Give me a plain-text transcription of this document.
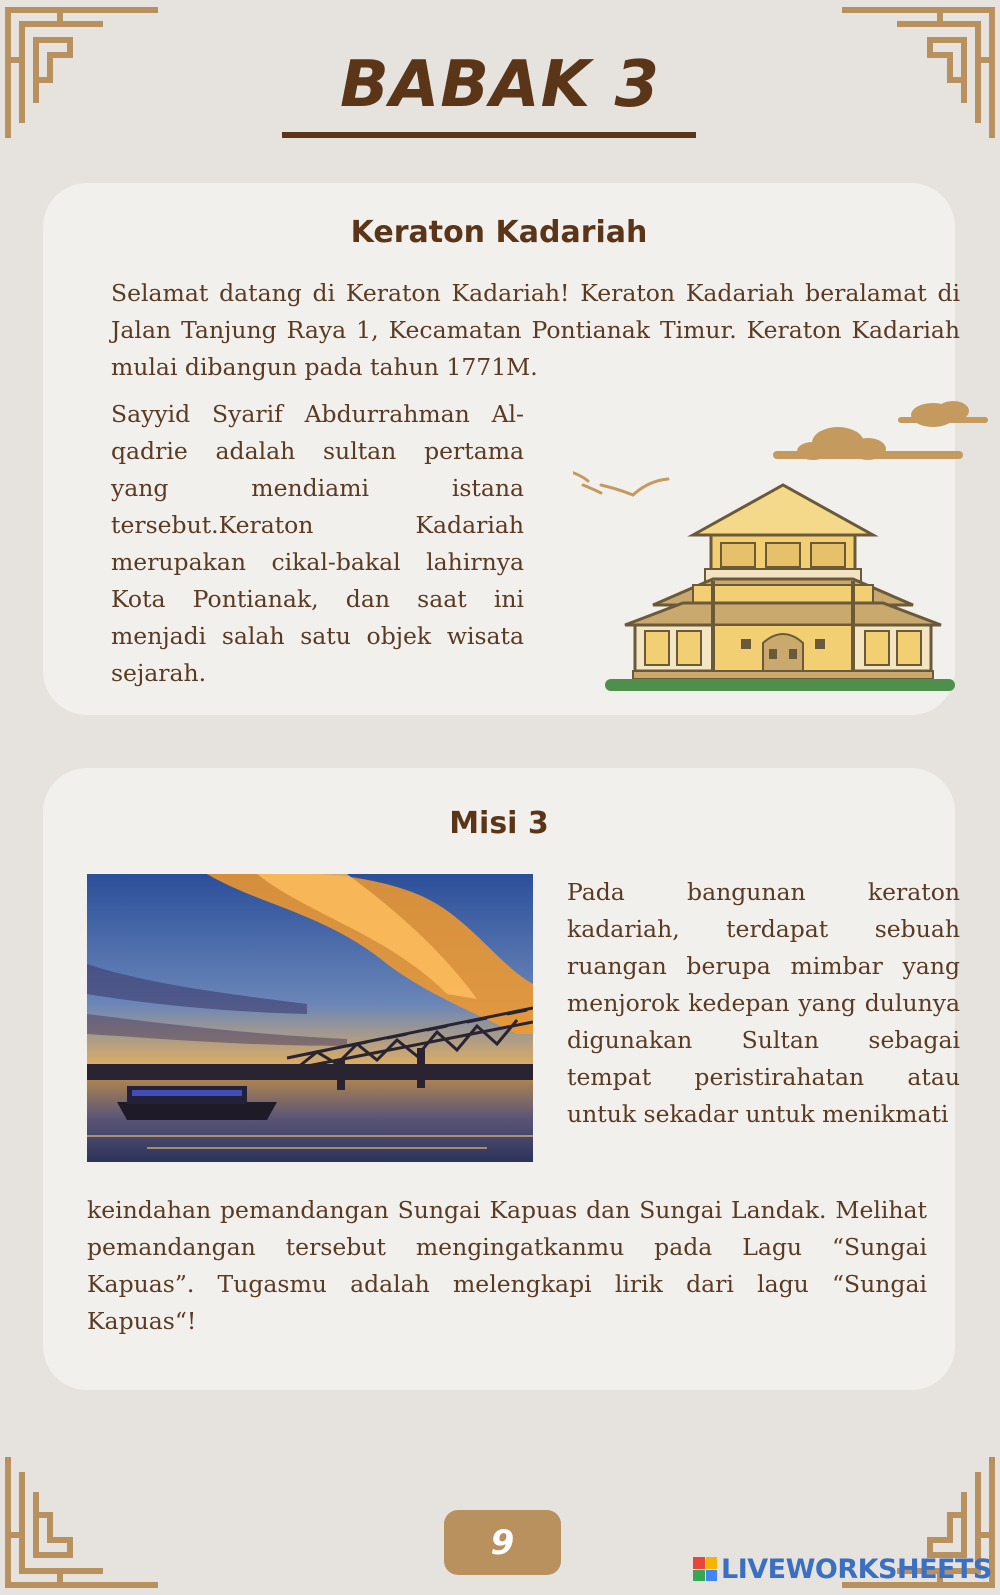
BABAK 3
Keraton Kadariah

Selamat datang di Keraton Kadariah! Keraton Kadariah beralamat di Jalan Tanjung Raya 1, Kecamatan Pontianak Timur. Keraton Kadariah mulai dibangun pada tahun 1771M.

Sayyid Syarif Abdurrahman Al-qadrie adalah sultan pertama yang mendiami istana tersebut.Keraton Kadariah merupakan cikal-bakal lahirnya Kota Pontianak, dan saat ini menjadi salah satu objek wisata sejarah.

Misi 3

Pada bangunan keraton kadariah, terdapat sebuah ruangan berupa mimbar yang menjorok kedepan yang dulunya digunakan Sultan sebagai tempat peristirahatan atau untuk sekadar untuk menikmati

keindahan pemandangan Sungai Kapuas dan Sungai Landak. Melihat pemandangan tersebut mengingatkanmu pada Lagu “Sungai Kapuas”. Tugasmu adalah melengkapi lirik dari lagu “Sungai Kapuas“!

9
LIVEWORKSHEETS
